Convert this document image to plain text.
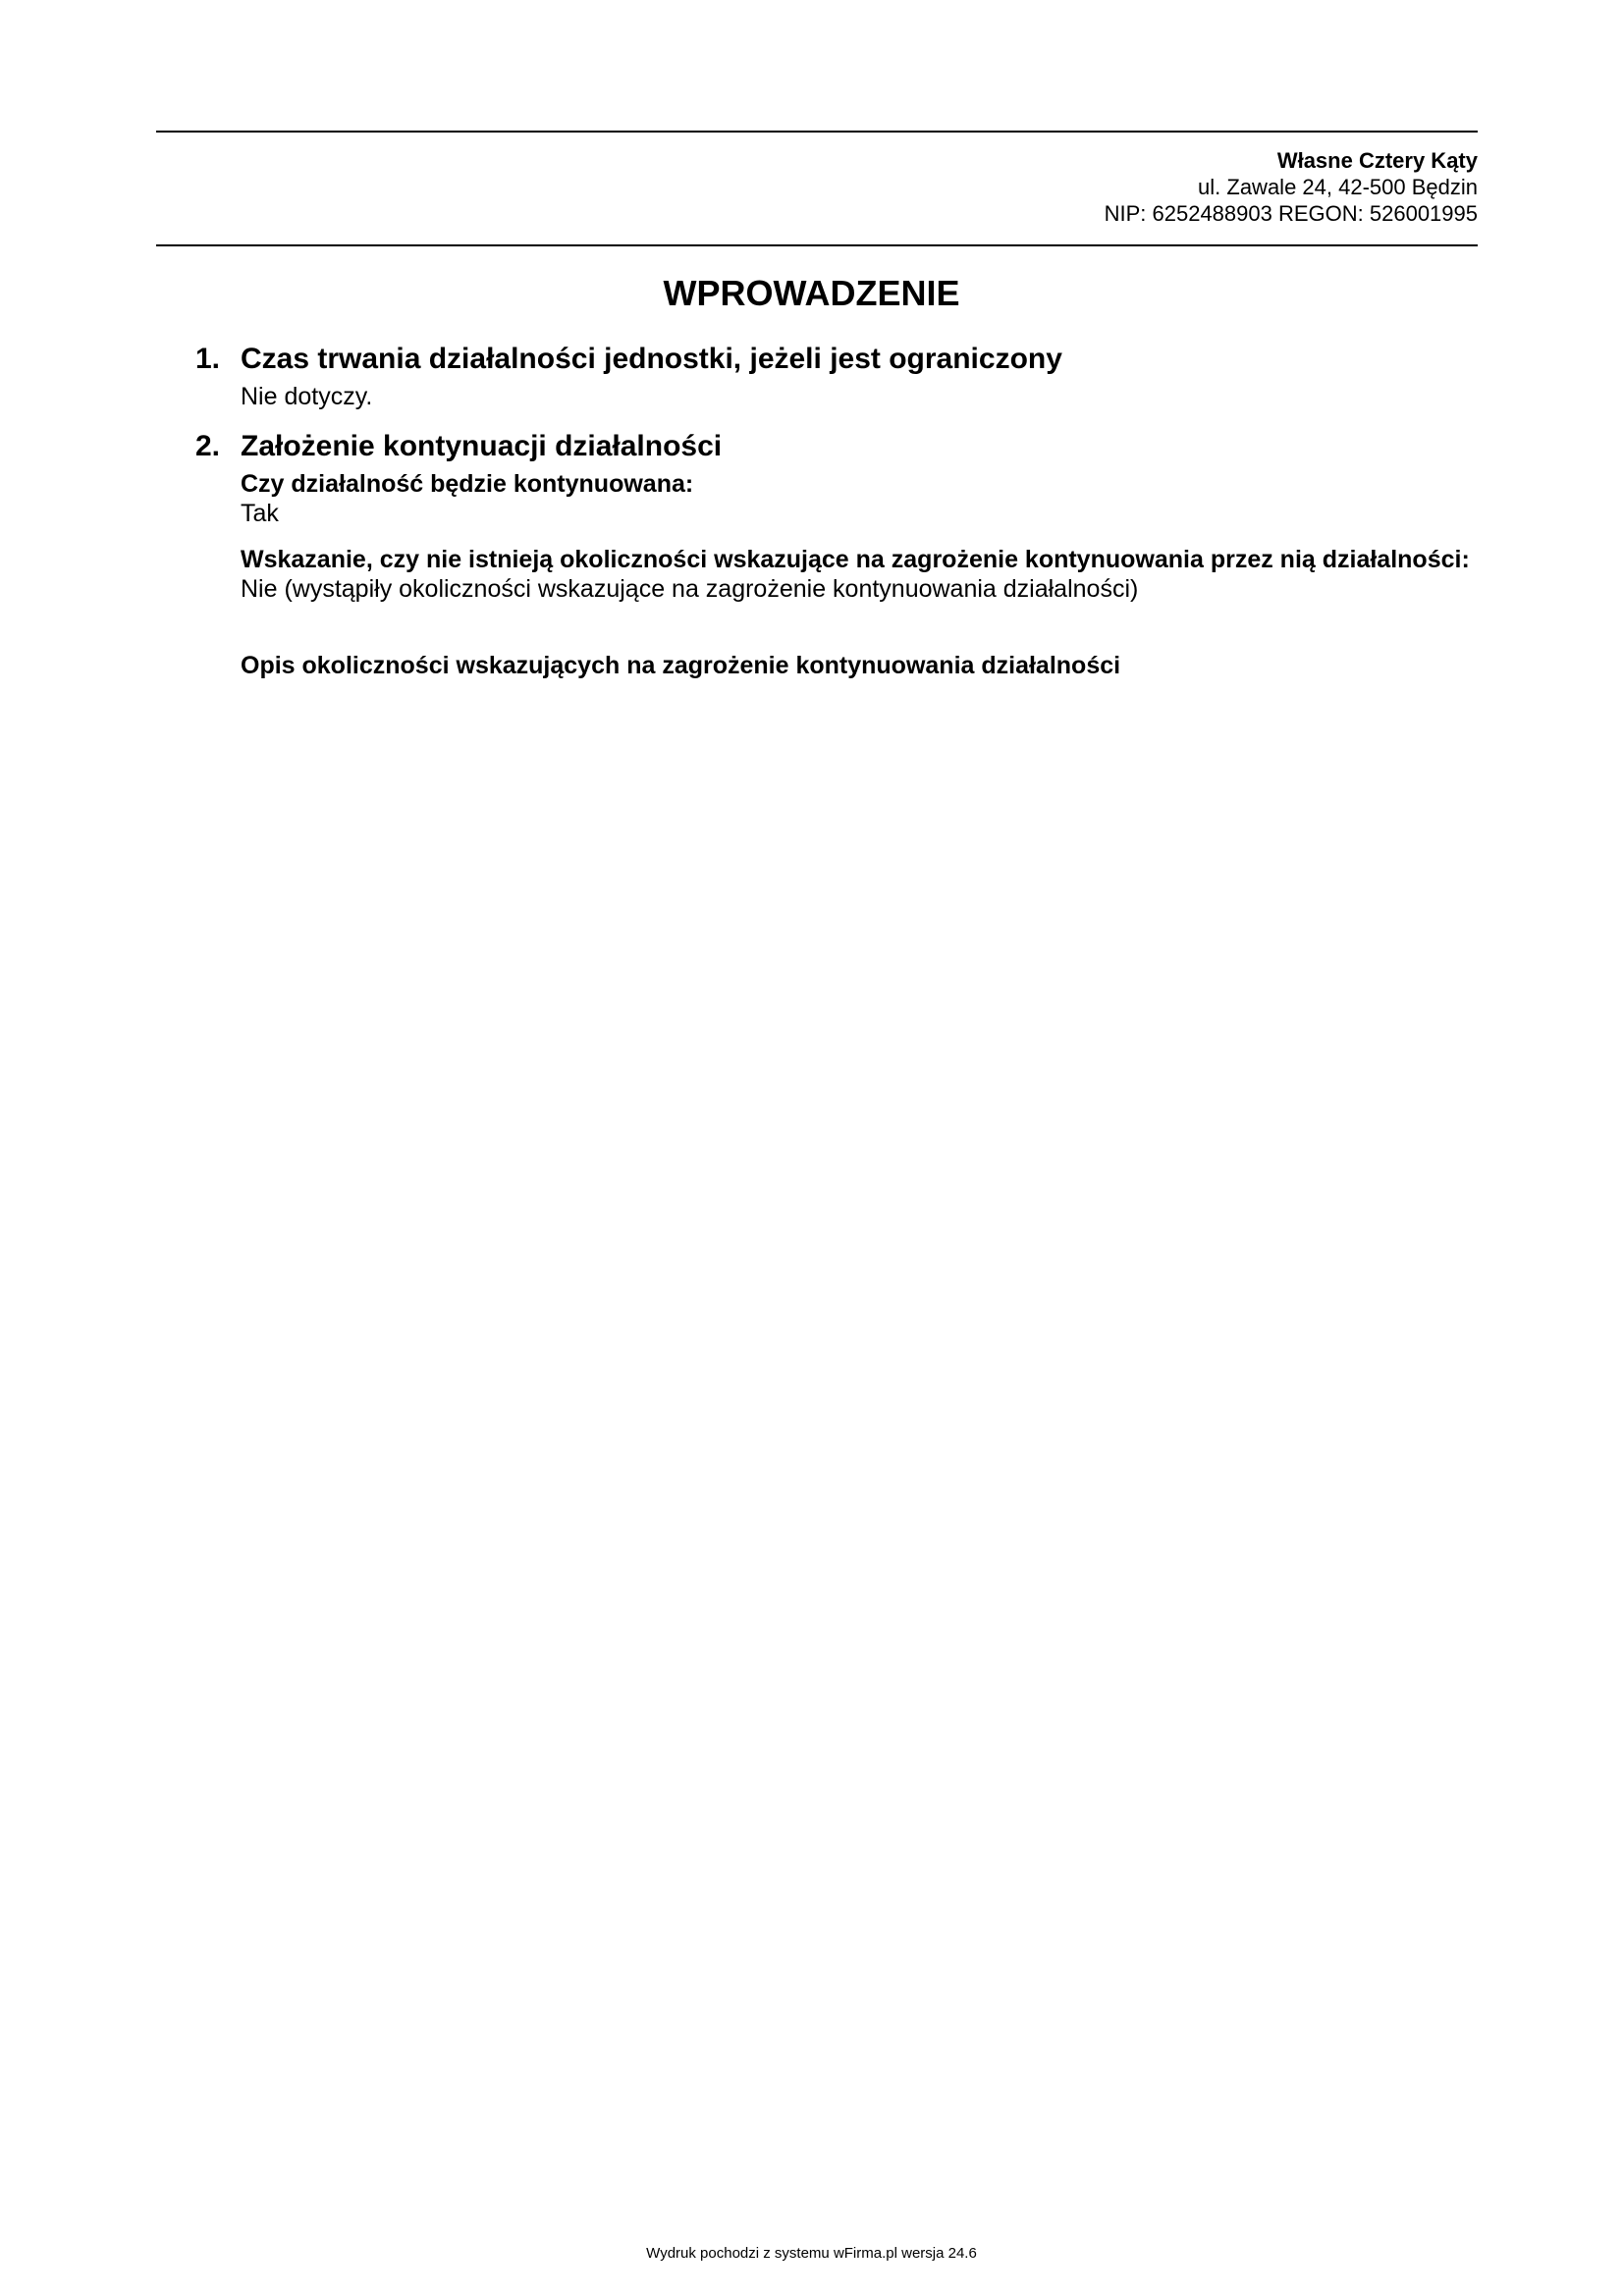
Własne Cztery Kąty
ul. Zawale 24, 42-500 Będzin
NIP: 6252488903 REGON: 526001995
WPROWADZENIE
1. Czas trwania działalności jednostki, jeżeli jest ograniczony
Nie dotyczy.
2. Założenie kontynuacji działalności
Czy działalność będzie kontynuowana:
Tak
Wskazanie, czy nie istnieją okoliczności wskazujące na zagrożenie kontynuowania przez nią działalności:
Nie (wystąpiły okoliczności wskazujące na zagrożenie kontynuowania działalności)
Opis okoliczności wskazujących na zagrożenie kontynuowania działalności
Wydruk pochodzi z systemu wFirma.pl wersja 24.6
